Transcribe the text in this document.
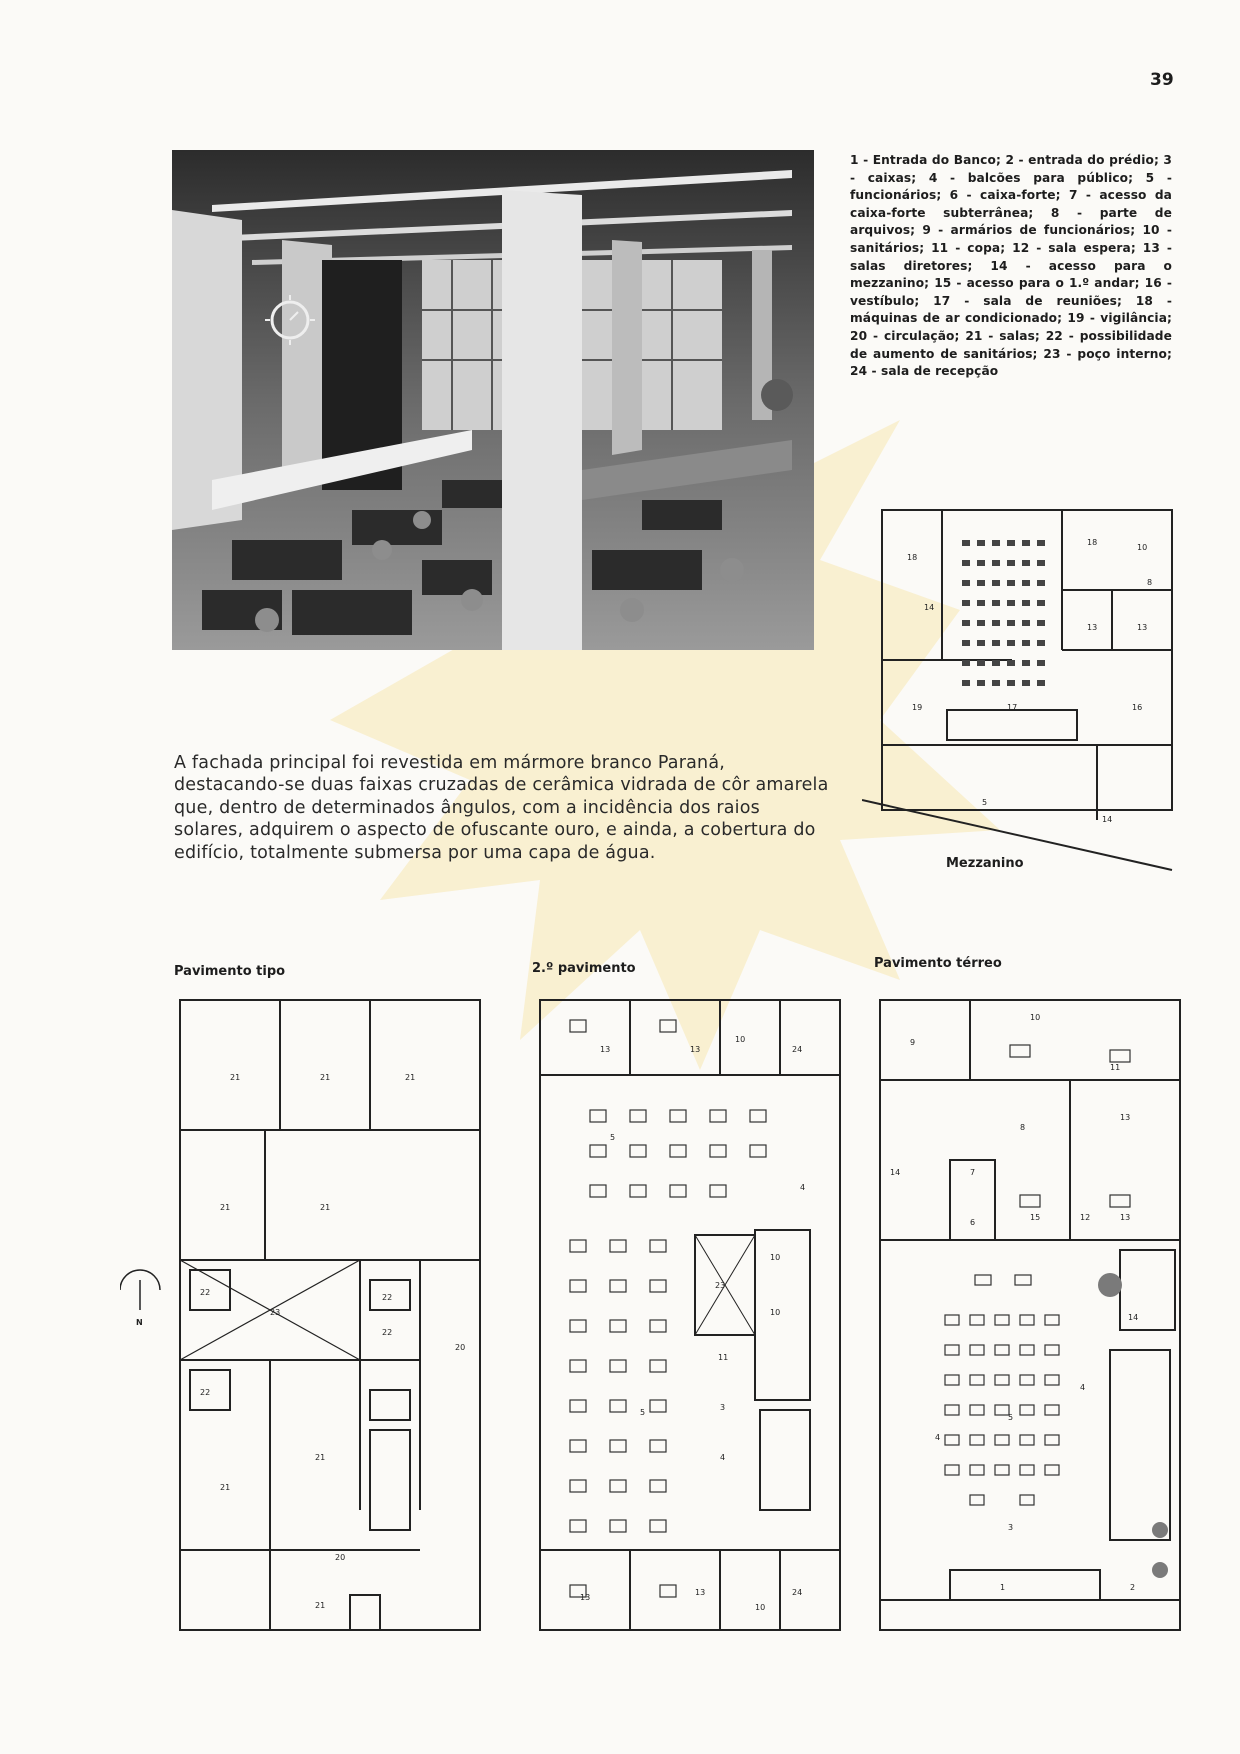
39
1 - Entrada do Banco; 2 - entrada do prédio; 3 - caixas; 4 - balcões para público; 5 - funcionários; 6 - caixa-forte; 7 - acesso da caixa-forte subterrânea; 8 - parte de arquivos; 9 - armários de funcionários; 10 - sanitários; 11 - copa; 12 - sala espera; 13 - salas diretores; 14 - acesso para o mezzanino; 15 - acesso para o 1.º andar; 16 - vestíbulo; 17 - sala de reuniões; 18 - máquinas de ar condicionado; 19 - vigilância; 20 - circulação; 21 - salas; 22 - possibilidade de aumento de sanitários; 23 - poço interno; 24 - sala de recepção
A fachada principal foi revestida em mármore branco Paraná, destacando-se duas faixas cruzadas de cerâmica vidrada de côr amarela que, dentro de determinados ângulos, com a incidência dos raios solares, adquirem o aspecto de ofuscante ouro, e ainda, a cobertura do edifício, totalmente submersa por uma capa de água.
18
14
19	17	16
18
10
8
13	13
5
14
Mezzanino
Pavimento tipo
21	21	21
21	21
22
22
23
22
20
22
21
21
20
21
N
2.º pavimento
13	13
10
24
5
4
10
23
10
11
3
5
4
13
13	24
10
Pavimento térreo
9
10
11
8
13
14	7
6
15	12	13
14
4
5
4
3
1	2
